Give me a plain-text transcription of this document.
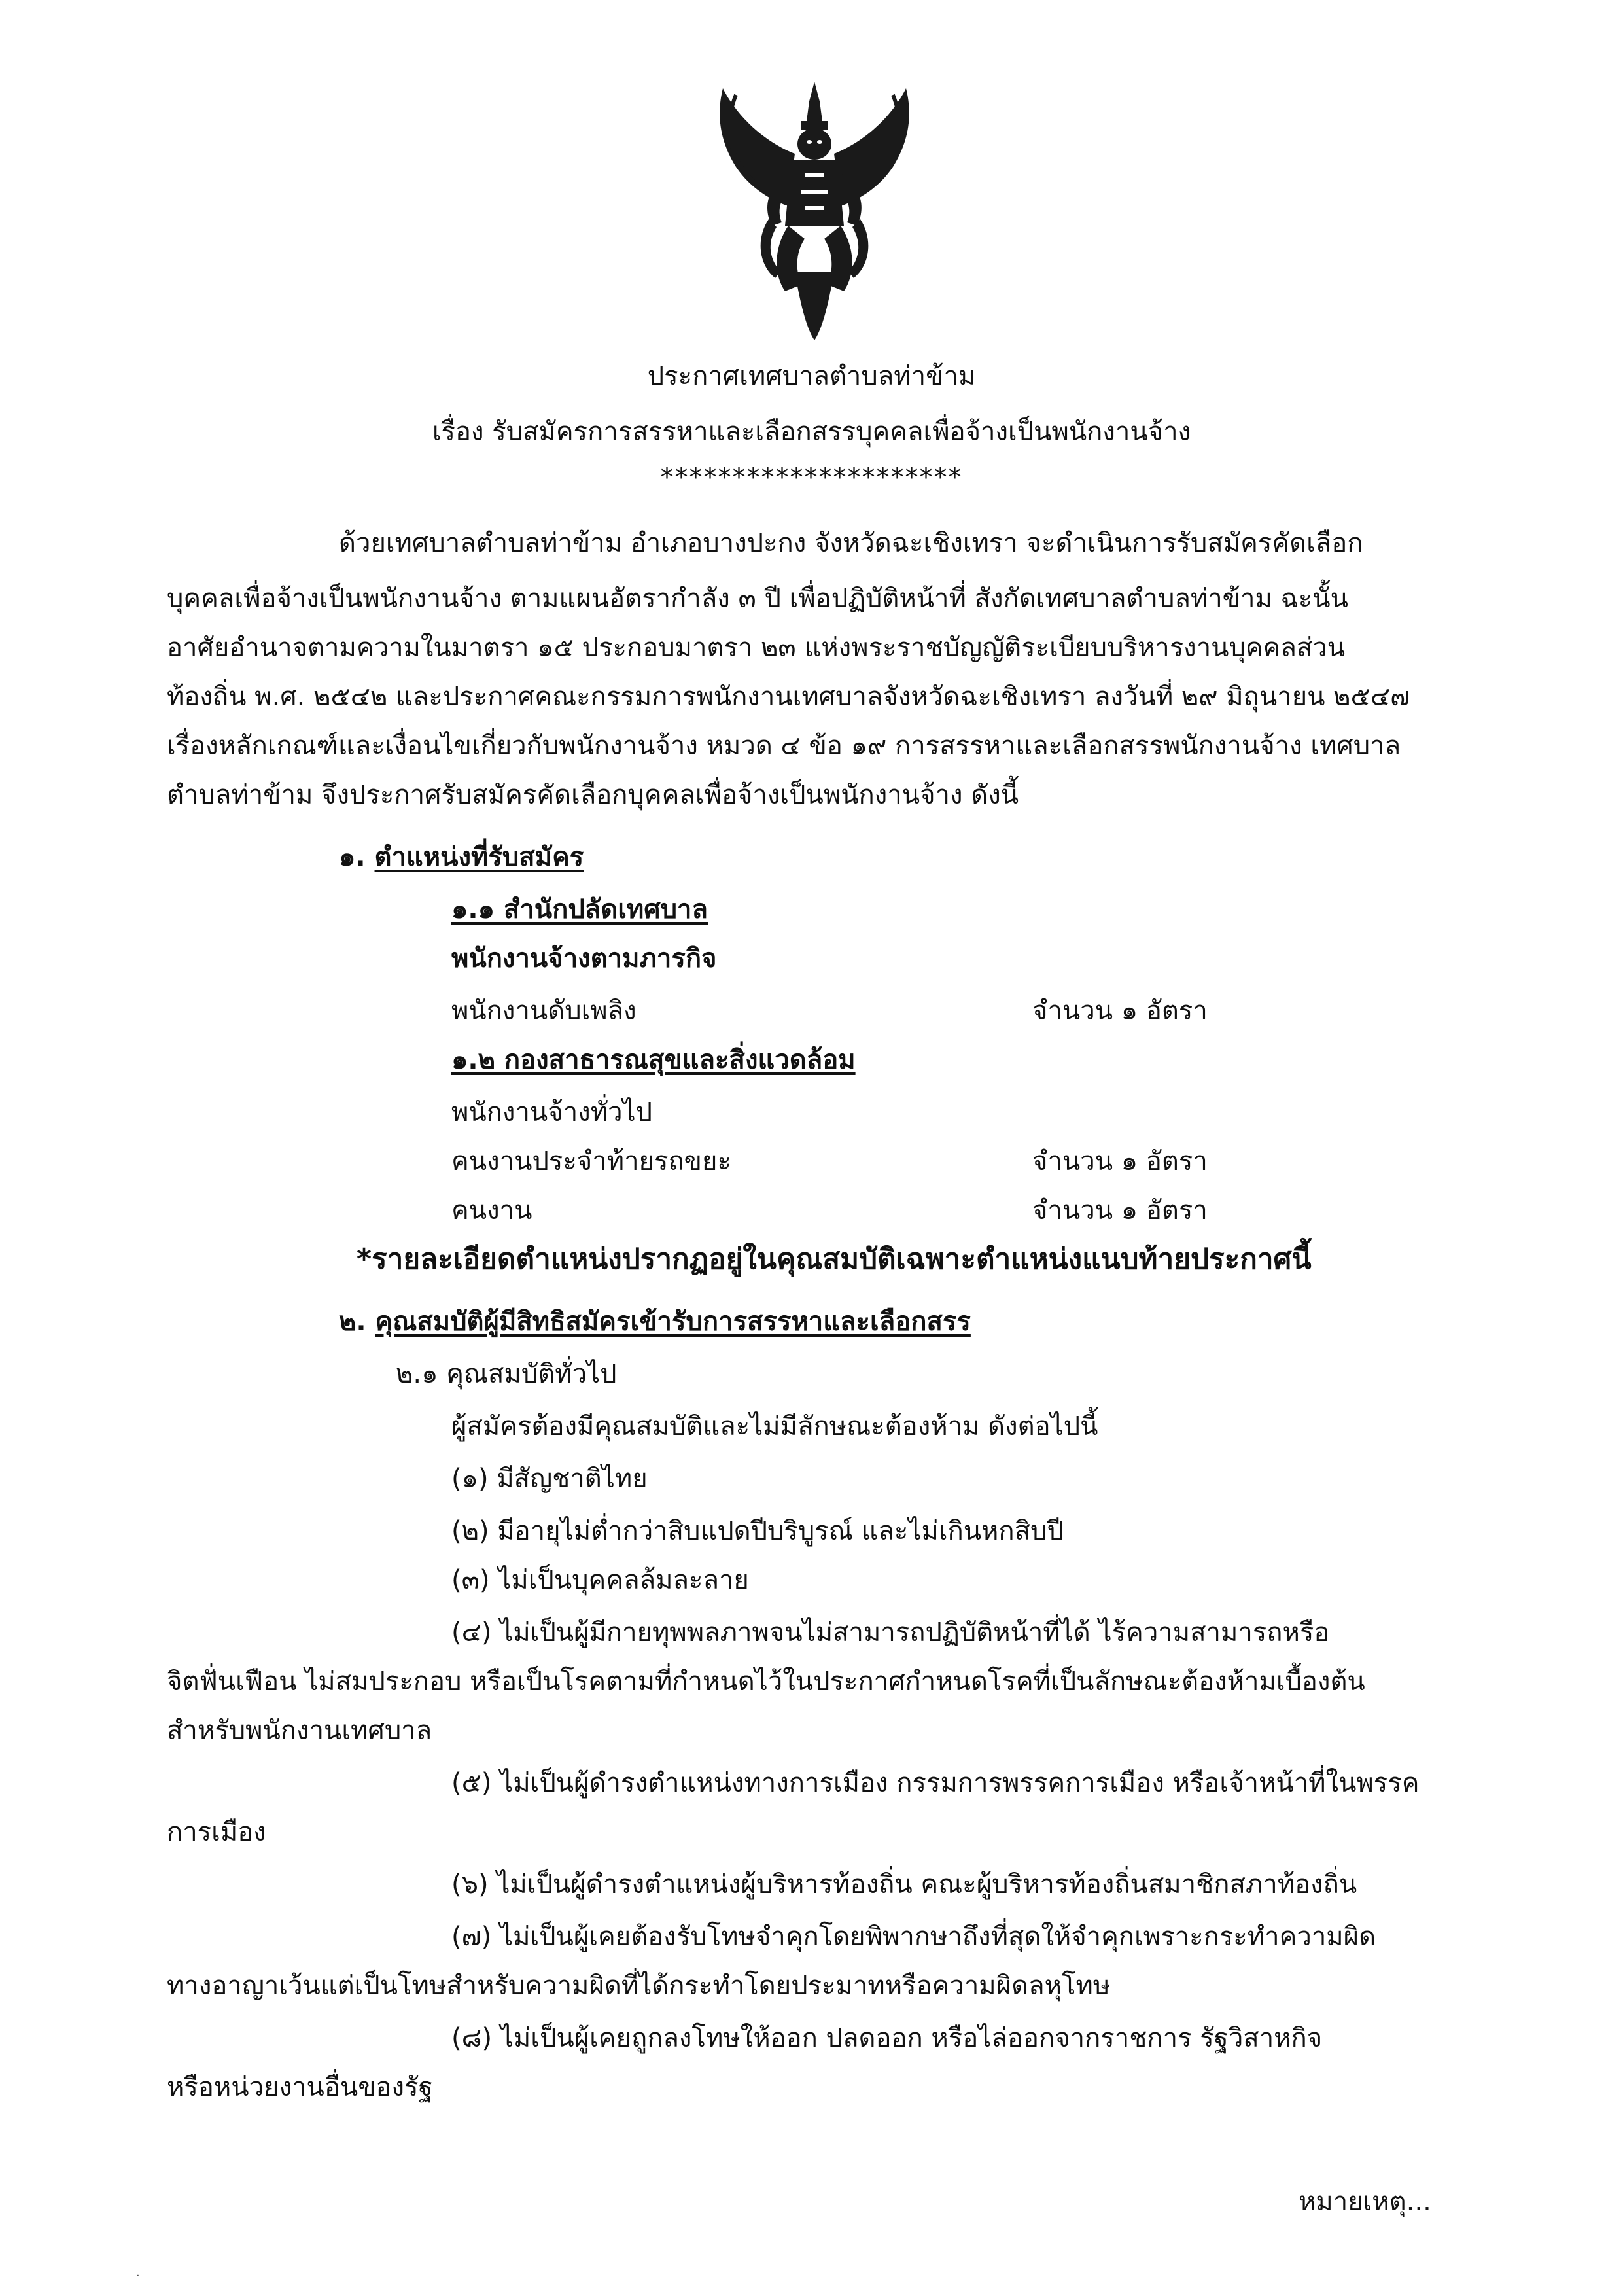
ประกาศเทศบาลตำบลท่าข้าม
เรื่อง รับสมัครการสรรหาและเลือกสรรบุคคลเพื่อจ้างเป็นพนักงานจ้าง
*********************
ด้วยเทศบาลตำบลท่าข้าม อำเภอบางปะกง จังหวัดฉะเชิงเทรา จะดำเนินการรับสมัครคัดเลือก
บุคคลเพื่อจ้างเป็นพนักงานจ้าง ตามแผนอัตรากำลัง ๓ ปี เพื่อปฏิบัติหน้าที่ สังกัดเทศบาลตำบลท่าข้าม ฉะนั้น
อาศัยอำนาจตามความในมาตรา ๑๕ ประกอบมาตรา ๒๓ แห่งพระราชบัญญัติระเบียบบริหารงานบุคคลส่วน
ท้องถิ่น พ.ศ. ๒๕๔๒ และประกาศคณะกรรมการพนักงานเทศบาลจังหวัดฉะเชิงเทรา ลงวันที่ ๒๙ มิถุนายน ๒๕๔๗
เรื่องหลักเกณฑ์และเงื่อนไขเกี่ยวกับพนักงานจ้าง หมวด ๔ ข้อ ๑๙ การสรรหาและเลือกสรรพนักงานจ้าง เทศบาล
ตำบลท่าข้าม จึงประกาศรับสมัครคัดเลือกบุคคลเพื่อจ้างเป็นพนักงานจ้าง ดังนี้
๑. ตำแหน่งที่รับสมัคร
๑.๑ สำนักปลัดเทศบาล
พนักงานจ้างตามภารกิจ
พนักงานดับเพลิง	จำนวน ๑ อัตรา
๑.๒ กองสาธารณสุขและสิ่งแวดล้อม
พนักงานจ้างทั่วไป
คนงานประจำท้ายรถขยะ	จำนวน ๑ อัตรา
คนงาน	จำนวน ๑ อัตรา
*รายละเอียดตำแหน่งปรากฏอยู่ในคุณสมบัติเฉพาะตำแหน่งแนบท้ายประกาศนี้
๒. คุณสมบัติผู้มีสิทธิสมัครเข้ารับการสรรหาและเลือกสรร
๒.๑ คุณสมบัติทั่วไป
ผู้สมัครต้องมีคุณสมบัติและไม่มีลักษณะต้องห้าม ดังต่อไปนี้
(๑) มีสัญชาติไทย
(๒) มีอายุไม่ต่ำกว่าสิบแปดปีบริบูรณ์ และไม่เกินหกสิบปี
(๓) ไม่เป็นบุคคลล้มละลาย
(๔) ไม่เป็นผู้มีกายทุพพลภาพจนไม่สามารถปฏิบัติหน้าที่ได้ ไร้ความสามารถหรือ
จิตฟั่นเฟือน ไม่สมประกอบ หรือเป็นโรคตามที่กำหนดไว้ในประกาศกำหนดโรคที่เป็นลักษณะต้องห้ามเบื้องต้น
สำหรับพนักงานเทศบาล
(๕) ไม่เป็นผู้ดำรงตำแหน่งทางการเมือง กรรมการพรรคการเมือง หรือเจ้าหน้าที่ในพรรค
การเมือง
(๖) ไม่เป็นผู้ดำรงตำแหน่งผู้บริหารท้องถิ่น คณะผู้บริหารท้องถิ่นสมาชิกสภาท้องถิ่น
(๗) ไม่เป็นผู้เคยต้องรับโทษจำคุกโดยพิพากษาถึงที่สุดให้จำคุกเพราะกระทำความผิด
ทางอาญาเว้นแต่เป็นโทษสำหรับความผิดที่ได้กระทำโดยประมาทหรือความผิดลหุโทษ
(๘) ไม่เป็นผู้เคยถูกลงโทษให้ออก ปลดออก หรือไล่ออกจากราชการ รัฐวิสาหกิจ
หรือหน่วยงานอื่นของรัฐ
หมายเหตุ...
·
